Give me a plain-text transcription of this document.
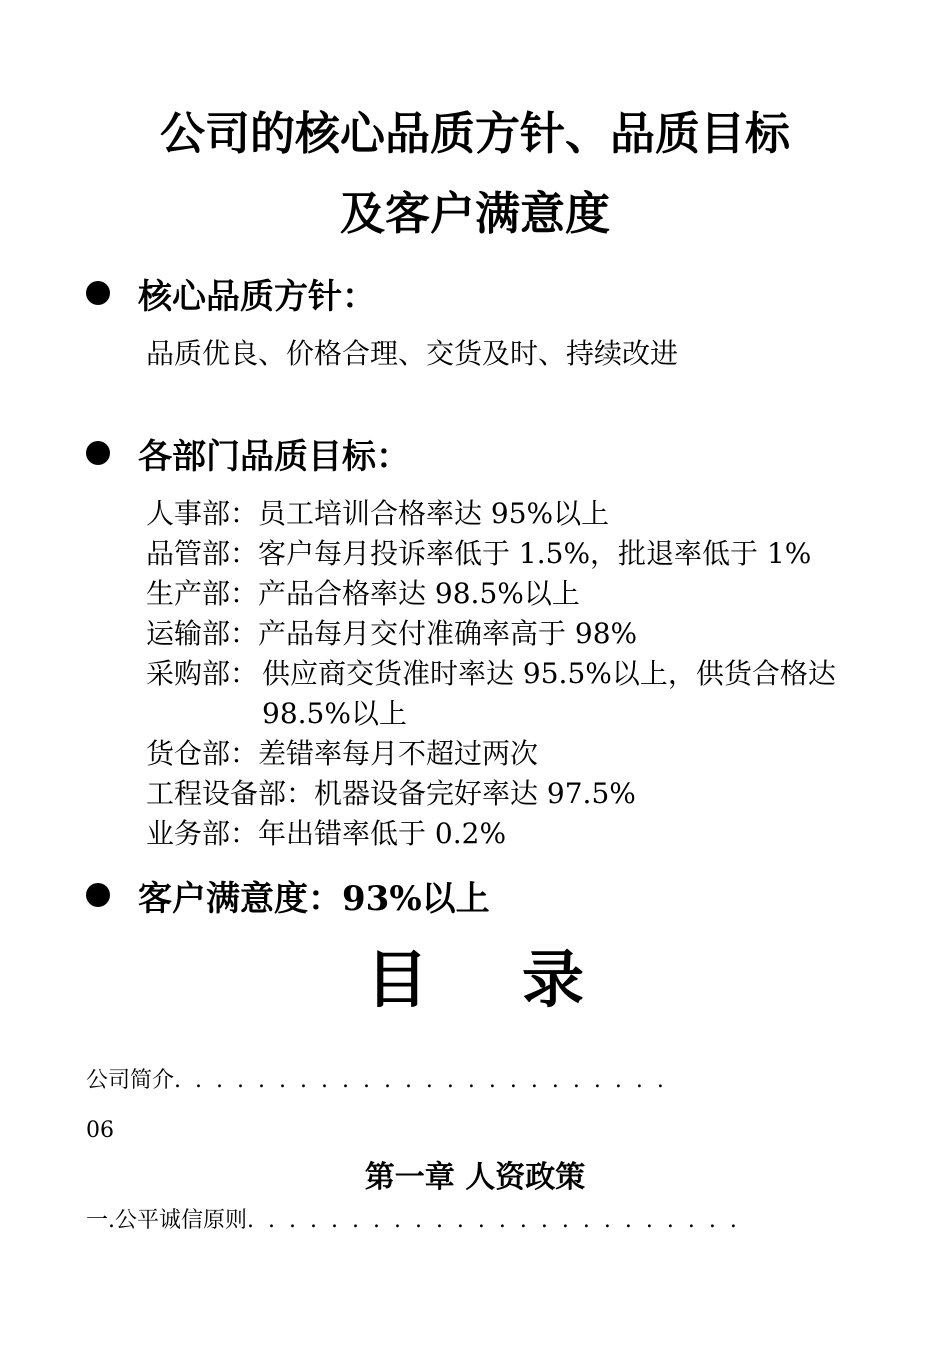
公司的核心品质方针、品质目标
及客户满意度
核心品质方针：
品质优良、价格合理、交货及时、持续改进
各部门品质目标：
人事部： 员工培训合格率达 95%以上
品管部： 客户每月投诉率低于 1.5%，批退率低于 1%
生产部： 产品合格率达 98.5%以上
运输部： 产品每月交付准确率高于 98%
采购部： 供应商交货准时率达 95.5%以上，供货合格达 98.5%以上
货仓部： 差错率每月不超过两次
工程设备部： 机器设备完好率达 97.5%
业务部： 年出错率低于 0.2%
客户满意度：93%以上
目 录
公司简介........................
06
第一章 人资政策
一.公平诚信原则........................
